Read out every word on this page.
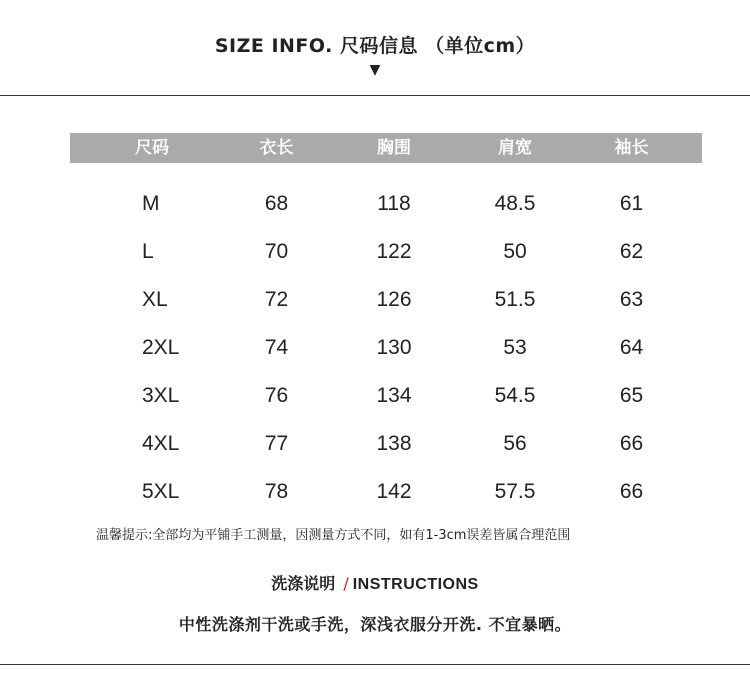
SIZE INFO. 尺码信息 （单位cm）
▼
尺码	衣长	胸围	肩宽	袖长
M	68	118	48.5	61
L	70	122	50	62
XL	72	126	51.5	63
2XL	74	130	53	64
3XL	76	134	54.5	65
4XL	77	138	56	66
5XL	78	142	57.5	66
温馨提示:全部均为平铺手工测量，因测量方式不同，如有1-3cm误差皆属合理范围
洗涤说明 / INSTRUCTIONS
中性洗涤剂干洗或手洗，深浅衣服分开洗. 不宜暴晒。
